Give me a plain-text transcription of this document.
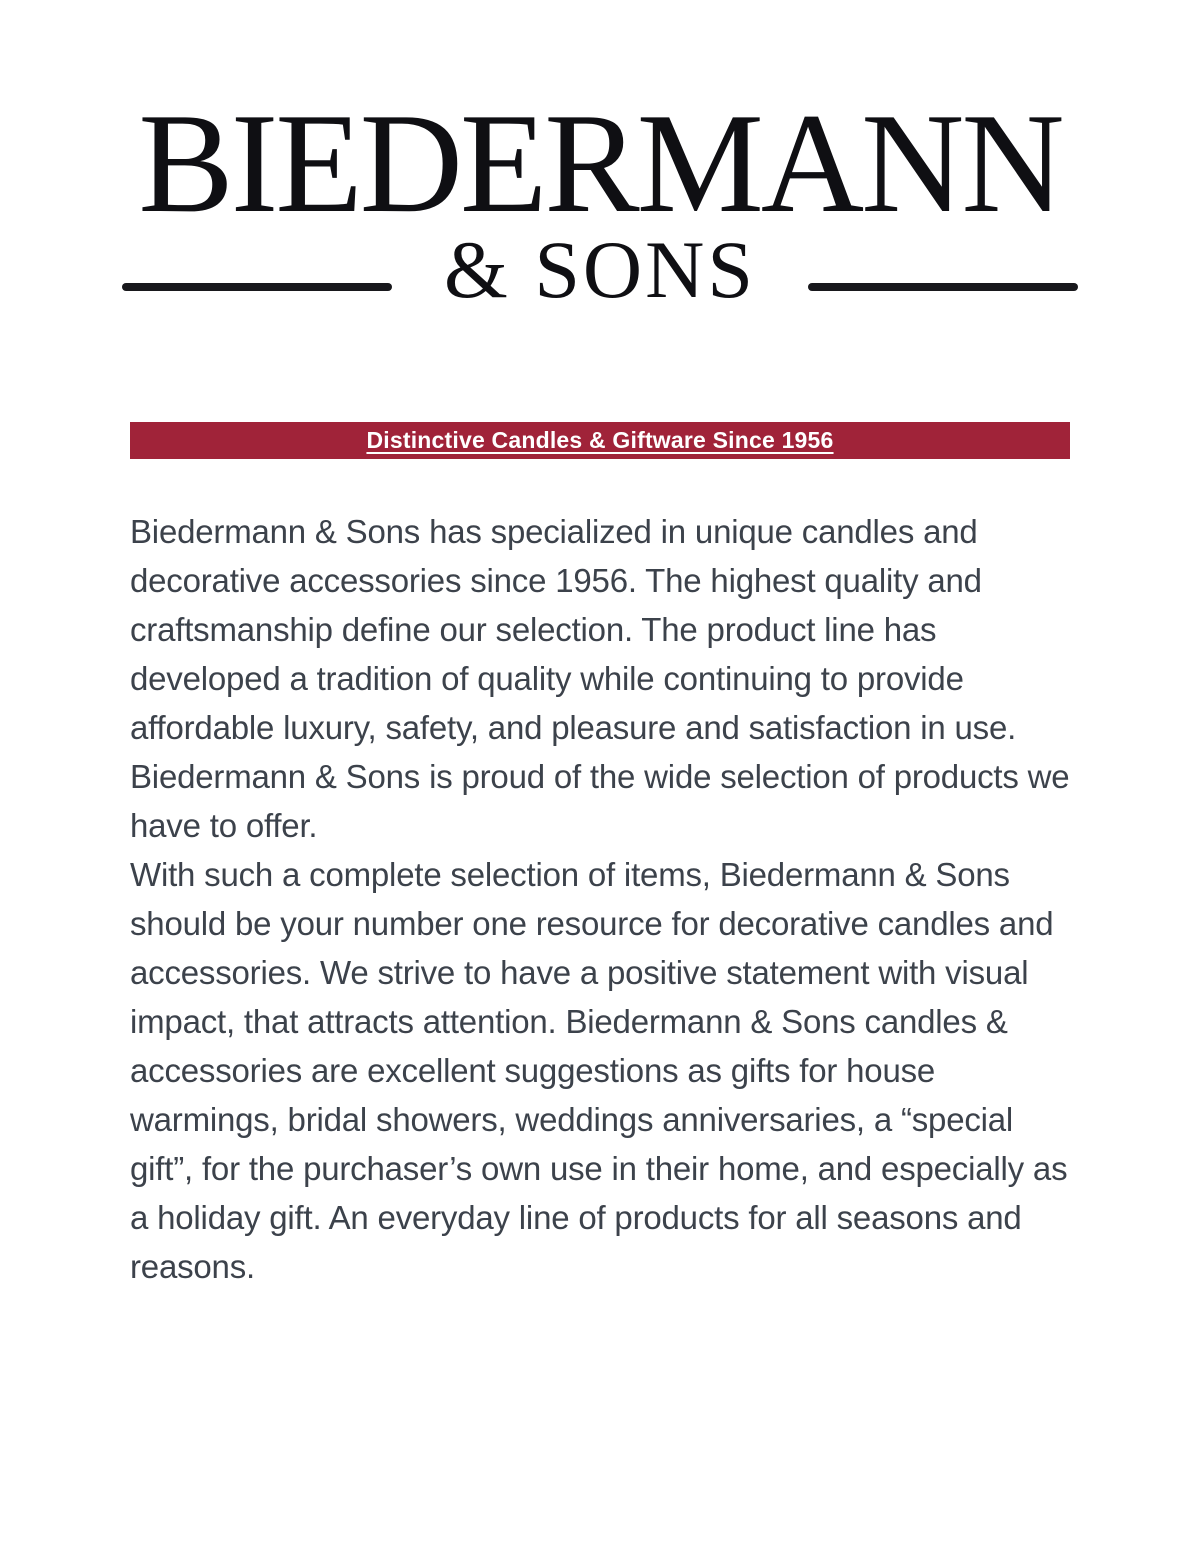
BIEDERMANN
& SONS
Distinctive Candles & Giftware Since 1956

Biedermann & Sons has specialized in unique candles and decorative accessories since 1956. The highest quality and craftsmanship define our selection. The product line has developed a tradition of quality while continuing to provide affordable luxury, safety, and pleasure and satisfaction in use. Biedermann & Sons is proud of the wide selection of products we have to offer.

With such a complete selection of items, Biedermann & Sons should be your number one resource for decorative candles and accessories. We strive to have a positive statement with visual impact, that attracts attention. Biedermann & Sons candles & accessories are excellent suggestions as gifts for house warmings, bridal showers, weddings anniversaries, a “special gift”, for the purchaser’s own use in their home, and especially as a holiday gift. An everyday line of products for all seasons and reasons.
